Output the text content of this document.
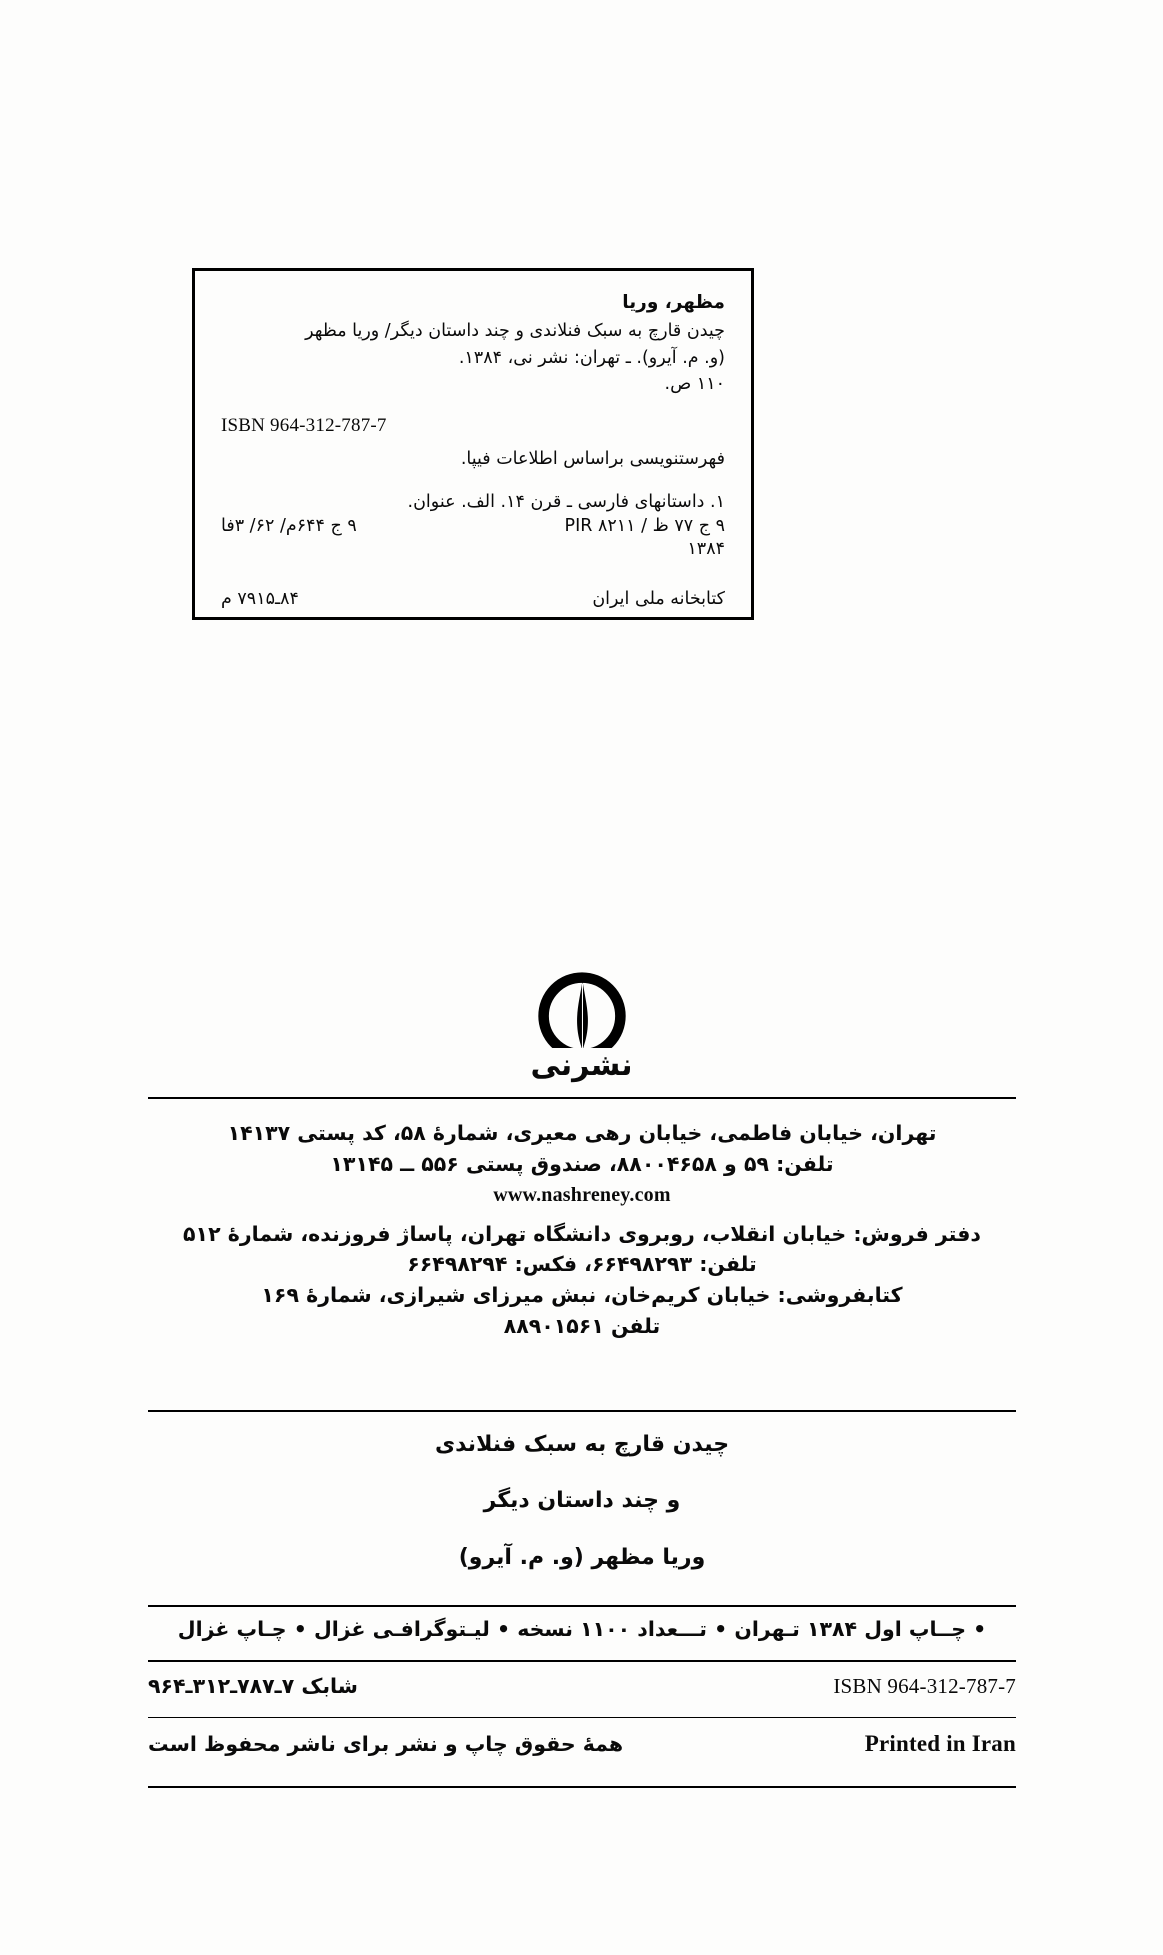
مظهر، وریا
چیدن قارچ به سبک فنلاندی و چند داستان دیگر/ وریا مظهر
(و. م. آیرو). ـ تهران: نشر نی، ۱۳۸۴.
۱۱۰ ص.
ISBN 964-312-787-7
فهرستنویسی براساس اطلاعات فیپا.
۱. داستانهای فارسی ـ قرن ۱۴. الف. عنوان.
۹ ج ۷۷ ظ / PIR ۸۲۱۱
۹ ج ۶۴۴م/ ۶۲/ ۳فا
۱۳۸۴
کتابخانه ملی ایران
۸۴ـ۷۹۱۵ م
نشرنی
تهران، خیابان فاطمی، خیابان رهی معیری، شمارهٔ ۵۸، کد پستی ۱۴۱۳۷
تلفن: ۵۹ و ۸۸۰۰۴۶۵۸، صندوق پستی ۵۵۶ ــ ۱۳۱۴۵
www.nashreney.com
دفتر فروش: خیابان انقلاب، روبروی دانشگاه تهران، پاساژ فروزنده، شمارهٔ ۵۱۲
تلفن: ۶۶۴۹۸۲۹۳، فکس: ۶۶۴۹۸۲۹۴
کتابفروشی: خیابان کریم‌خان، نبش میرزای شیرازی، شمارهٔ ۱۶۹
تلفن ۸۸۹۰۱۵۶۱
چیدن قارچ به سبک فنلاندی
و چند داستان دیگر
وریا مظهر (و. م. آیرو)
• چــاپ اول ۱۳۸۴ تـهران • تـــعداد ۱۱۰۰ نسخه • لیـتوگرافـی غزال • چـاپ غزال
شابک ۷ـ۷۸۷ـ۳۱۲ـ۹۶۴	ISBN 964-312-787-7
همهٔ حقوق چاپ و نشر برای ناشر محفوظ است	Printed in Iran
